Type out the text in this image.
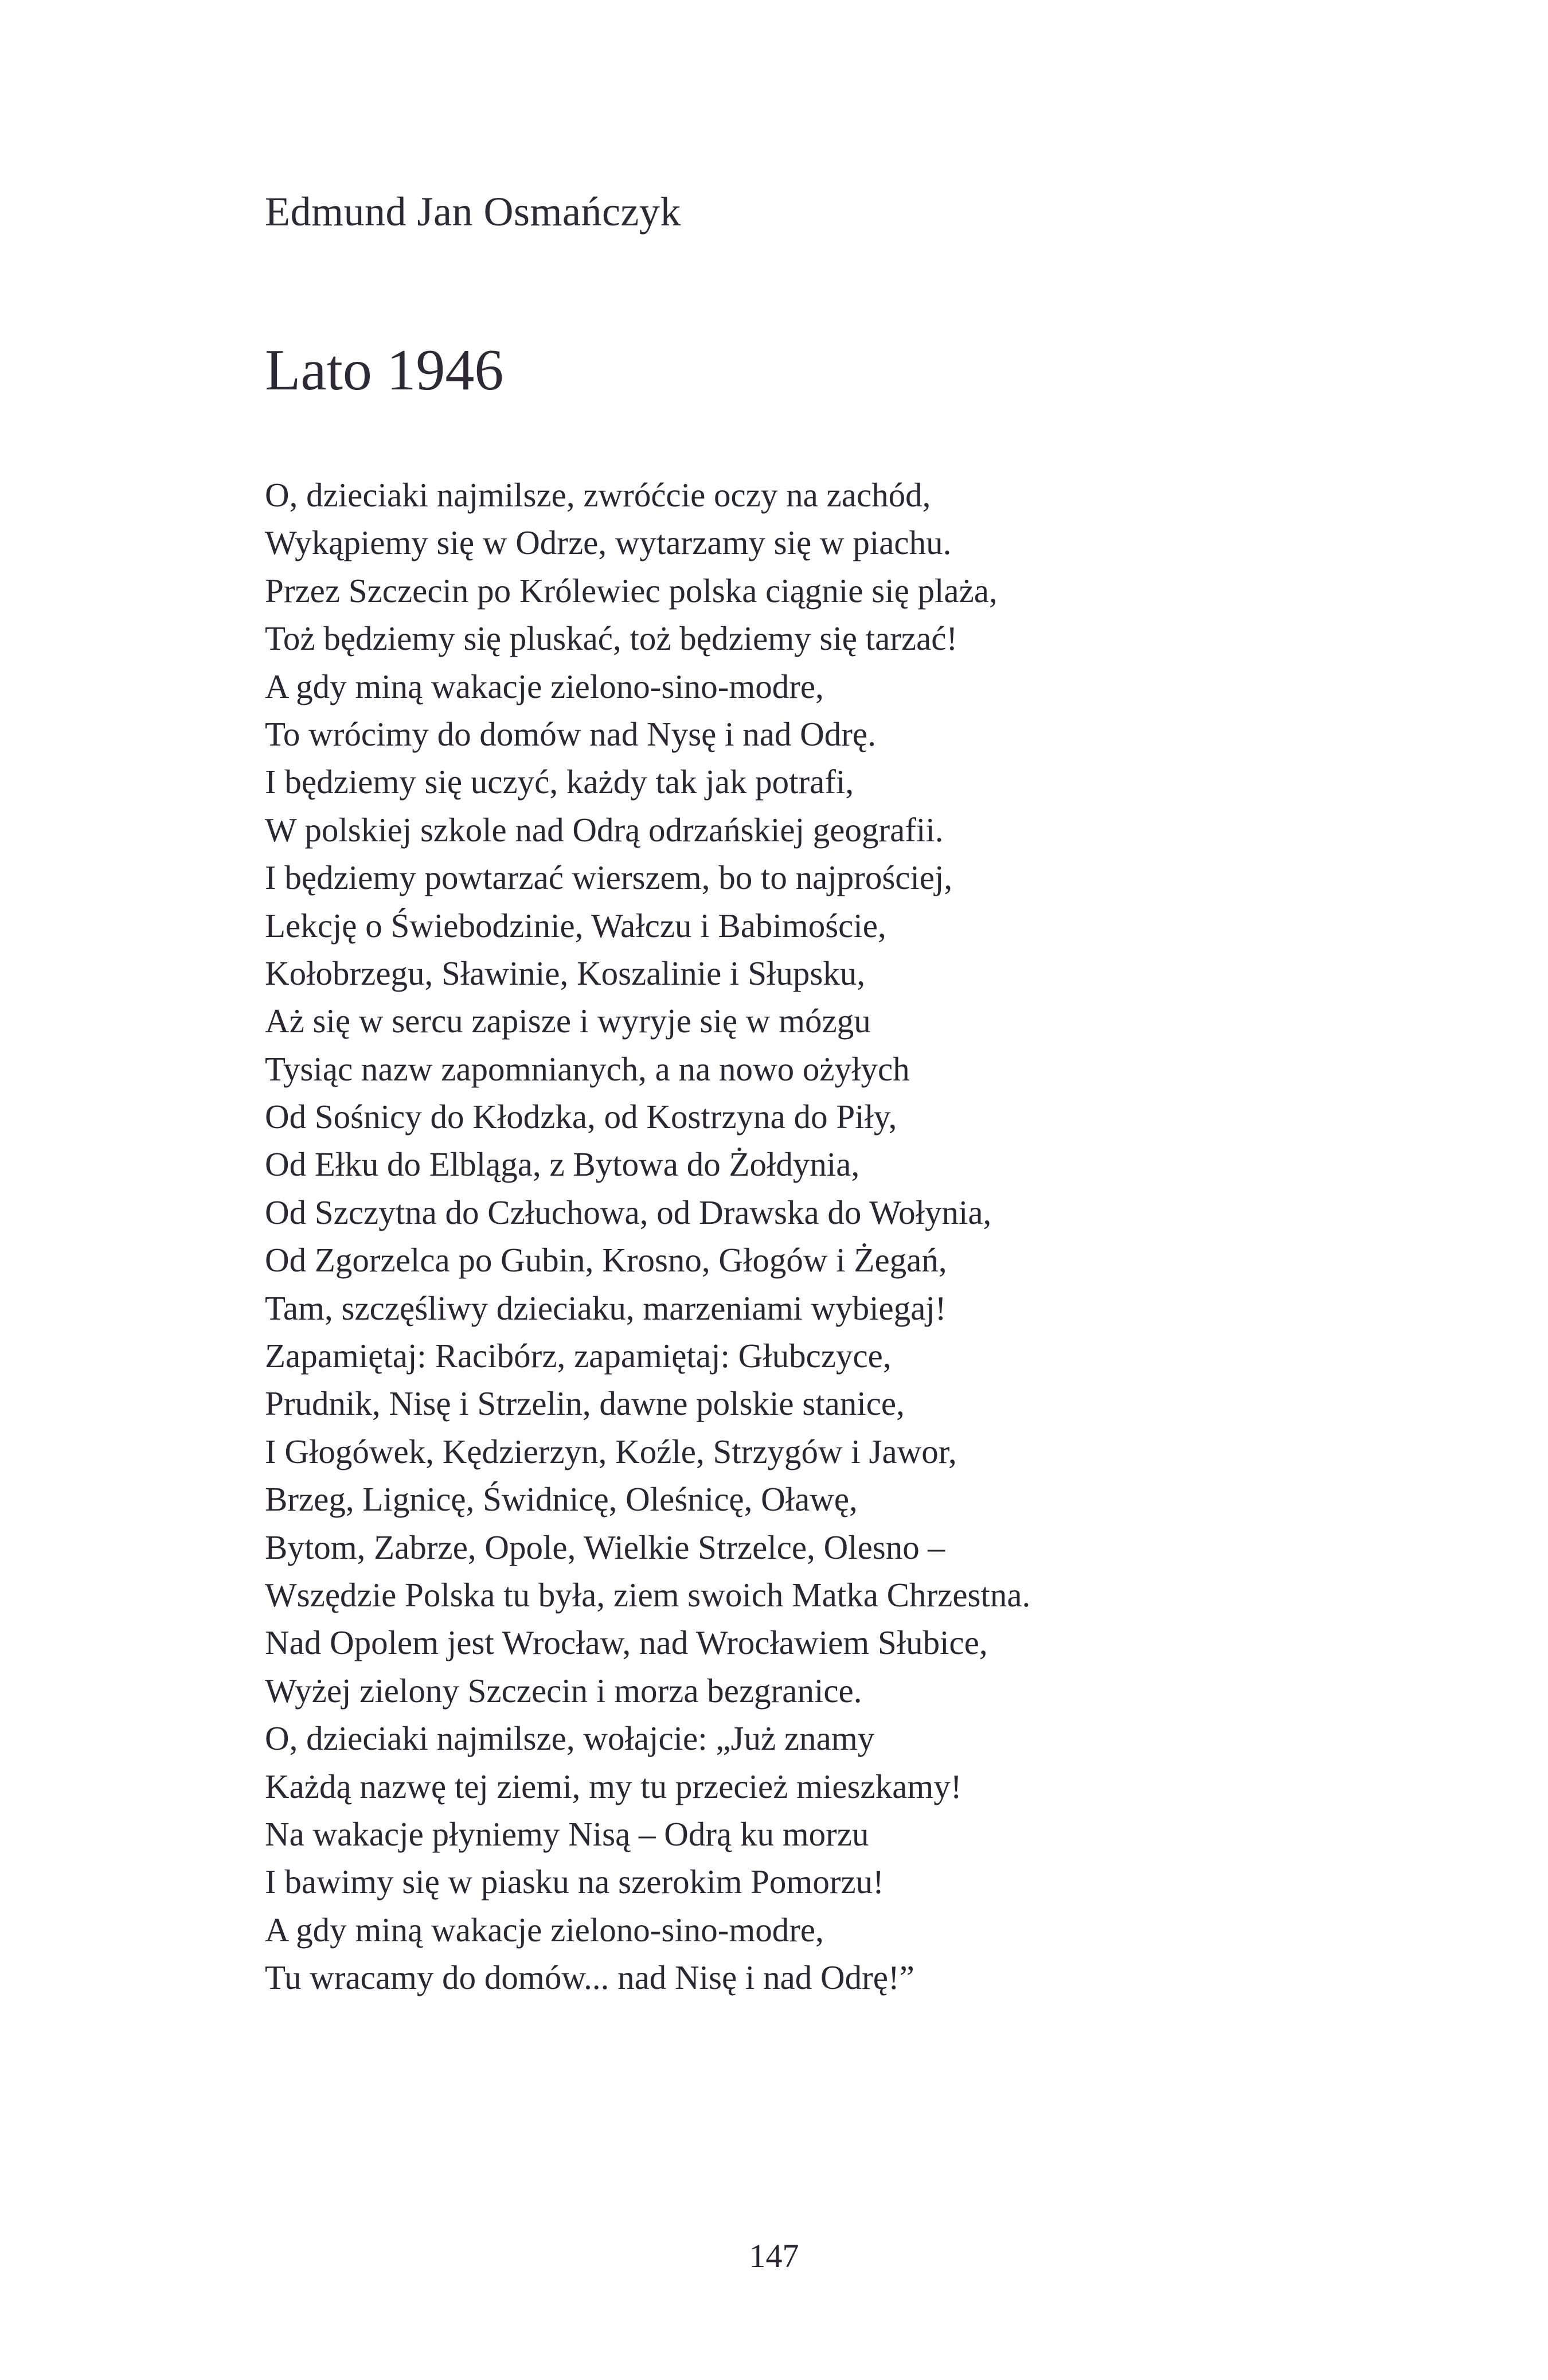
Edmund Jan Osmańczyk
Lato 1946
O, dzieciaki najmilsze, zwróćcie oczy na zachód,
Wykąpiemy się w Odrze, wytarzamy się w piachu.
Przez Szczecin po Królewiec polska ciągnie się plaża,
Toż będziemy się pluskać, toż będziemy się tarzać!
A gdy miną wakacje zielono-sino-modre,
To wrócimy do domów nad Nysę i nad Odrę.
I będziemy się uczyć, każdy tak jak potrafi,
W polskiej szkole nad Odrą odrzańskiej geografii.
I będziemy powtarzać wierszem, bo to najprościej,
Lekcję o Świebodzinie, Wałczu i Babimoście,
Kołobrzegu, Sławinie, Koszalinie i Słupsku,
Aż się w sercu zapisze i wyryje się w mózgu
Tysiąc nazw zapomnianych, a na nowo ożyłych
Od Sośnicy do Kłodzka, od Kostrzyna do Piły,
Od Ełku do Elbląga, z Bytowa do Żołdynia,
Od Szczytna do Człuchowa, od Drawska do Wołynia,
Od Zgorzelca po Gubin, Krosno, Głogów i Żegań,
Tam, szczęśliwy dzieciaku, marzeniami wybiegaj!
Zapamiętaj: Racibórz, zapamiętaj: Głubczyce,
Prudnik, Nisę i Strzelin, dawne polskie stanice,
I Głogówek, Kędzierzyn, Koźle, Strzygów i Jawor,
Brzeg, Lignicę, Świdnicę, Oleśnicę, Oławę,
Bytom, Zabrze, Opole, Wielkie Strzelce, Olesno –
Wszędzie Polska tu była, ziem swoich Matka Chrzestna.
Nad Opolem jest Wrocław, nad Wrocławiem Słubice,
Wyżej zielony Szczecin i morza bezgranice.
O, dzieciaki najmilsze, wołajcie: „Już znamy
Każdą nazwę tej ziemi, my tu przecież mieszkamy!
Na wakacje płyniemy Nisą – Odrą ku morzu
I bawimy się w piasku na szerokim Pomorzu!
A gdy miną wakacje zielono-sino-modre,
Tu wracamy do domów... nad Nisę i nad Odrę!”
147
